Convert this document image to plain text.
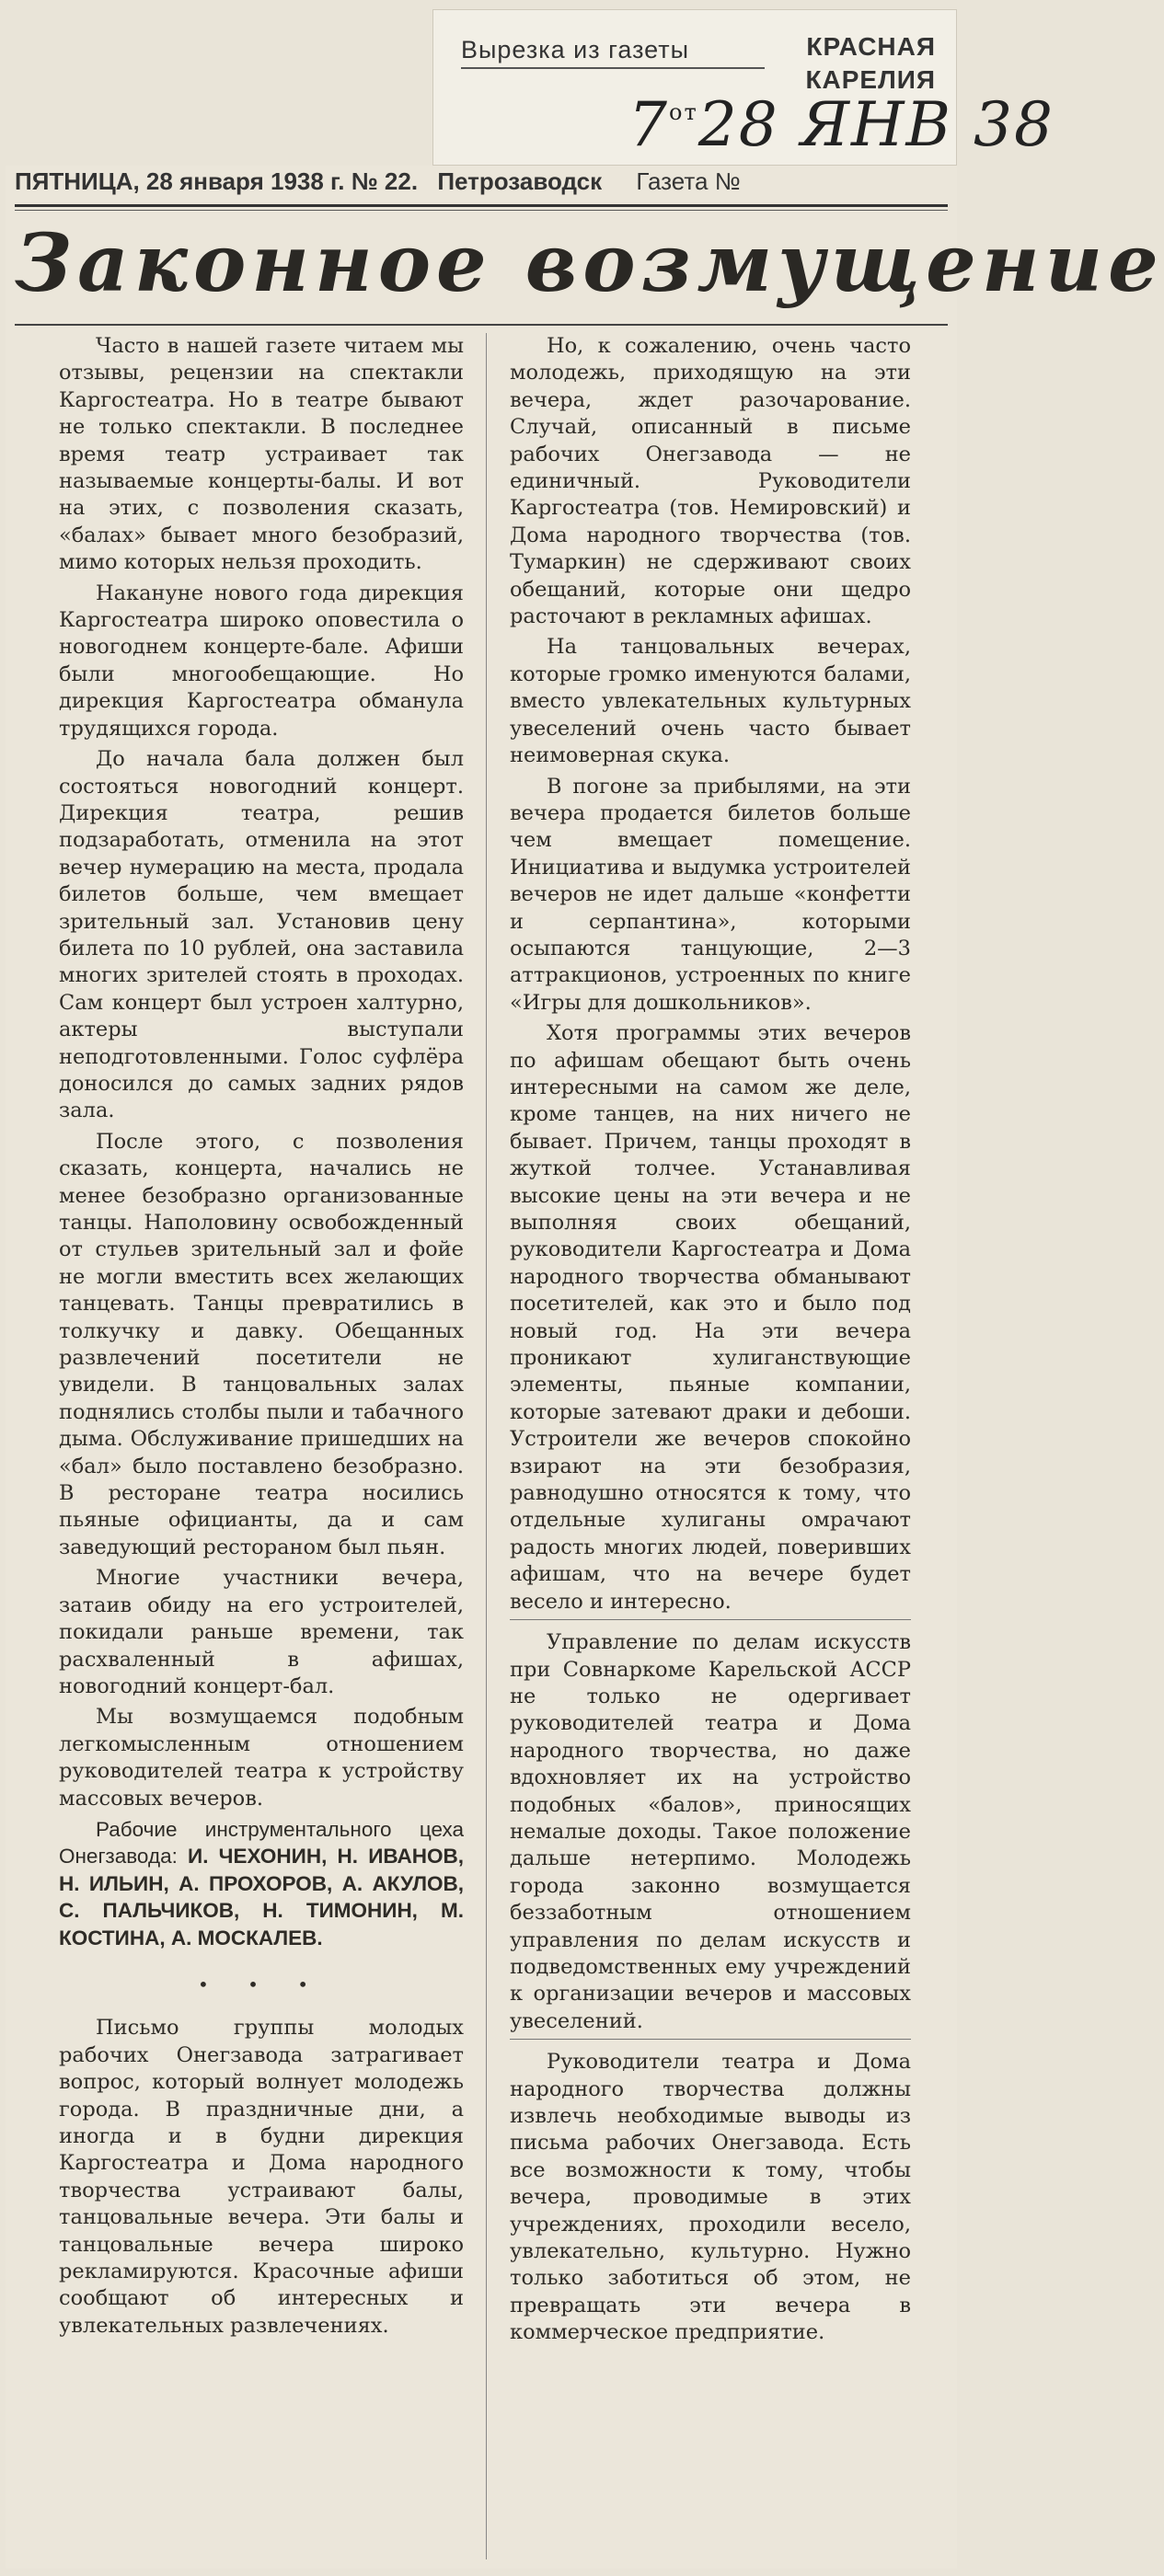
Вырезка из газеты	КРАСНАЯ
КАРЕЛИЯ
$7^{от}28$ ЯНВ 38
ПЯТНИЦА, 28 января 1938 г. № 22. Петрозаводск Газета №
Законное возмущение

Часто в нашей газете читаем мы отзывы, рецензии на спектакли Каргостеатра. Но в театре бывают не только спектакли. В последнее время театр устраивает так называемые концерты-балы. И вот на этих, с позволения сказать, «балах» бывает много безобразий, мимо которых нельзя проходить.

Накануне нового года дирекция Каргостеатра широко оповестила о новогоднем концерте-бале. Афиши были многообещающие. Но дирекция Каргостеатра обманула трудящихся города.

До начала бала должен был состояться новогодний концерт. Дирекция театра, решив подзаработать, отменила на этот вечер нумерацию на места, продала билетов больше, чем вмещает зрительный зал. Установив цену билета по 10 рублей, она заставила многих зрителей стоять в проходах. Сам концерт был устроен халтурно, актеры выступали неподготовленными. Голос суфлёра доносился до самых задних рядов зала.

После этого, с позволения сказать, концерта, начались не менее безобразно организованные танцы. Наполовину освобожденный от стульев зрительный зал и фойе не могли вместить всех желающих танцевать. Танцы превратились в толкучку и давку. Обещанных развлечений посетители не увидели. В танцовальных залах поднялись столбы пыли и табачного дыма. Обслуживание пришедших на «бал» было поставлено безобразно. В ресторане театра носились пьяные официанты, да и сам заведующий рестораном был пьян.

Многие участники вечера, затаив обиду на его устроителей, покидали раньше времени, так расхваленный в афишах, новогодний концерт-бал.

Мы возмущаемся подобным легкомысленным отношением руководителей театра к устройству массовых вечеров.

Рабочие инструментального цеха Онегзавода: И. ЧЕХОНИН, Н. ИВАНОВ, Н. ИЛЬИН, А. ПРОХОРОВ, А. АКУЛОВ, С. ПАЛЬЧИКОВ, Н. ТИМОНИН, М. КОСТИНА, А. МОСКАЛЕВ.
• • •

Письмо группы молодых рабочих Онегзавода затрагивает вопрос, который волнует молодежь города. В праздничные дни, а иногда и в будни дирекция Каргостеатра и Дома народного творчества устраивают балы, танцовальные вечера. Эти балы и танцовальные вечера широко рекламируются. Красочные афиши сообщают об интересных и увлекательных развлечениях.

Но, к сожалению, очень часто молодежь, приходящую на эти вечера, ждет разочарование. Случай, описанный в письме рабочих Онегзавода — не единичный. Руководители Каргостеатра (тов. Немировский) и Дома народного творчества (тов. Тумаркин) не сдерживают своих обещаний, которые они щедро расточают в рекламных афишах.

На танцовальных вечерах, которые громко именуются балами, вместо увлекательных культурных увеселений очень часто бывает неимоверная скука.

В погоне за прибылями, на эти вечера продается билетов больше чем вмещает помещение. Инициатива и выдумка устроителей вечеров не идет дальше «конфетти и серпантина», которыми осыпаются танцующие, 2—3 аттракционов, устроенных по книге «Игры для дошкольников».

Хотя программы этих вечеров по афишам обещают быть очень интересными на самом же деле, кроме танцев, на них ничего не бывает. Причем, танцы проходят в жуткой толчее. Устанавливая высокие цены на эти вечера и не выполняя своих обещаний, руководители Каргостеатра и Дома народного творчества обманывают посетителей, как это и было под новый год. На эти вечера проникают хулиганствующие элементы, пьяные компании, которые затевают драки и дебоши. Устроители же вечеров спокойно взирают на эти безобразия, равнодушно относятся к тому, что отдельные хулиганы омрачают радость многих людей, поверивших афишам, что на вечере будет весело и интересно.

Управление по делам искусств при Совнаркоме Карельской АССР не только не одергивает руководителей театра и Дома народного творчества, но даже вдохновляет их на устройство подобных «балов», приносящих немалые доходы. Такое положение дальше нетерпимо. Молодежь города законно возмущается беззаботным отношением управления по делам искусств и подведомственных ему учреждений к организации вечеров и массовых увеселений.

Руководители театра и Дома народного творчества должны извлечь необходимые выводы из письма рабочих Онегзавода. Есть все возможности к тому, чтобы вечера, проводимые в этих учреждениях, проходили весело, увлекательно, культурно. Нужно только заботиться об этом, не превращать эти вечера в коммерческое предприятие.
